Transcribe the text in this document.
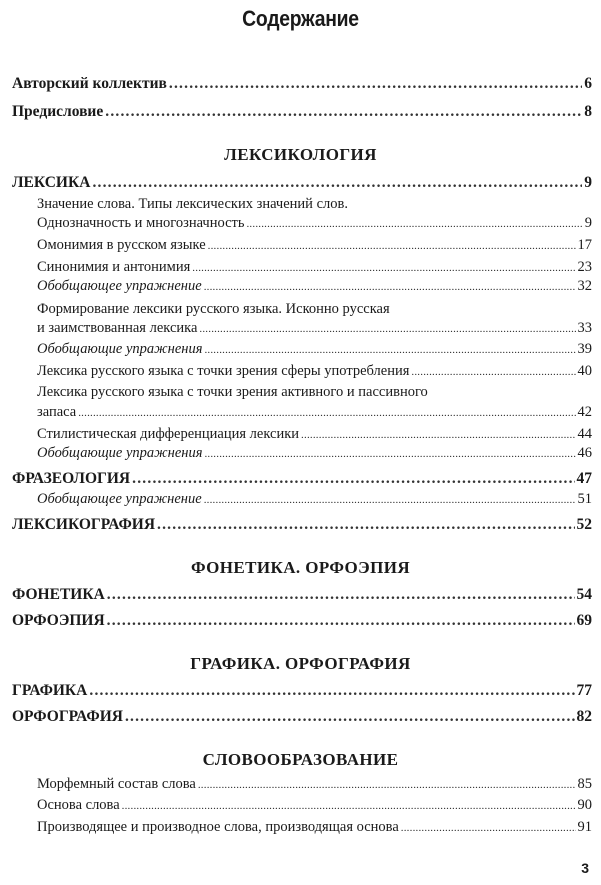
Содержание
Авторский коллектив .....	6
Предисловие .....	8
ЛЕКСИКОЛОГИЯ
ЛЕКСИКА .....	9
Значение слова. Типы лексических значений слов.
Однозначность и многозначность .....	9
Омонимия в русском языке .....	17
Синонимия и антонимия .....	23
Обобщающее упражнение .....	32
Формирование лексики русского языка. Исконно русская
и заимствованная лексика .....	33
Обобщающие упражнения .....	39
Лексика русского языка с точки зрения сферы употребления .....	40
Лексика русского языка с точки зрения активного и пассивного
запаса .....	42
Стилистическая дифференциация лексики .....	44
Обобщающие упражнения .....	46
ФРАЗЕОЛОГИЯ .....	47
Обобщающее упражнение .....	51
ЛЕКСИКОГРАФИЯ .....	52
ФОНЕТИКА. ОРФОЭПИЯ
ФОНЕТИКА .....	54
ОРФОЭПИЯ .....	69
ГРАФИКА. ОРФОГРАФИЯ
ГРАФИКА .....	77
ОРФОГРАФИЯ .....	82
СЛОВООБРАЗОВАНИЕ
Морфемный состав слова .....	85
Основа слова .....	90
Производящее и производное слова, производящая основа .....	91
3
